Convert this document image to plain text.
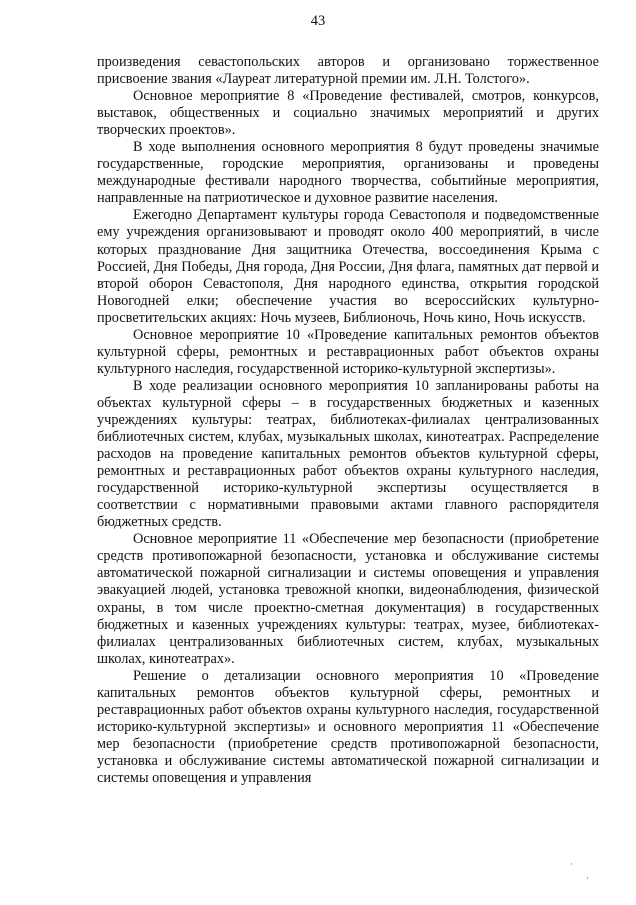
43

произведения севастопольских авторов и организовано торжественное присвоение звания «Лауреат литературной премии им. Л.Н. Толстого».

Основное мероприятие 8 «Проведение фестивалей, смотров, конкурсов, выставок, общественных и социально значимых мероприятий и других творческих проектов».

В ходе выполнения основного мероприятия 8 будут проведены значимые государственные, городские мероприятия, организованы и проведены международные фестивали народного творчества, событийные мероприятия, направленные на патриотическое и духовное развитие населения.

Ежегодно Департамент культуры города Севастополя и подведомственные ему учреждения организовывают и проводят около 400 мероприятий, в числе которых празднование Дня защитника Отечества, воссоединения Крыма с Россией, Дня Победы, Дня города, Дня России, Дня флага, памятных дат первой и второй оборон Севастополя, Дня народного единства, открытия городской Новогодней елки; обеспечение участия во всероссийских культурно-просветительских акциях: Ночь музеев, Библионочь, Ночь кино, Ночь искусств.

Основное мероприятие 10 «Проведение капитальных ремонтов объектов культурной сферы, ремонтных и реставрационных работ объектов охраны культурного наследия, государственной историко-культурной экспертизы».

В ходе реализации основного мероприятия 10 запланированы работы на объектах культурной сферы – в государственных бюджетных и казенных учреждениях культуры: театрах, библиотеках-филиалах централизованных библиотечных систем, клубах, музыкальных школах, кинотеатрах. Распределение расходов на проведение капитальных ремонтов объектов культурной сферы, ремонтных и реставрационных работ объектов охраны культурного наследия, государственной историко-культурной экспертизы осуществляется в соответствии с нормативными правовыми актами главного распорядителя бюджетных средств.

Основное мероприятие 11 «Обеспечение мер безопасности (приобретение средств противопожарной безопасности, установка и обслуживание системы автоматической пожарной сигнализации и системы оповещения и управления эвакуацией людей, установка тревожной кнопки, видеонаблюдения, физической охраны, в том числе проектно-сметная документация) в государственных бюджетных и казенных учреждениях культуры: театрах, музее, библиотеках-филиалах централизованных библиотечных систем, клубах, музыкальных школах, кинотеатрах».

Решение о детализации основного мероприятия 10 «Проведение капитальных ремонтов объектов культурной сферы, ремонтных и реставрационных работ объектов охраны культурного наследия, государственной историко-культурной экспертизы» и основного мероприятия 11 «Обеспечение мер безопасности (приобретение средств противопожарной безопасности, установка и обслуживание системы автоматической пожарной сигнализации и системы оповещения и управления

·
·
